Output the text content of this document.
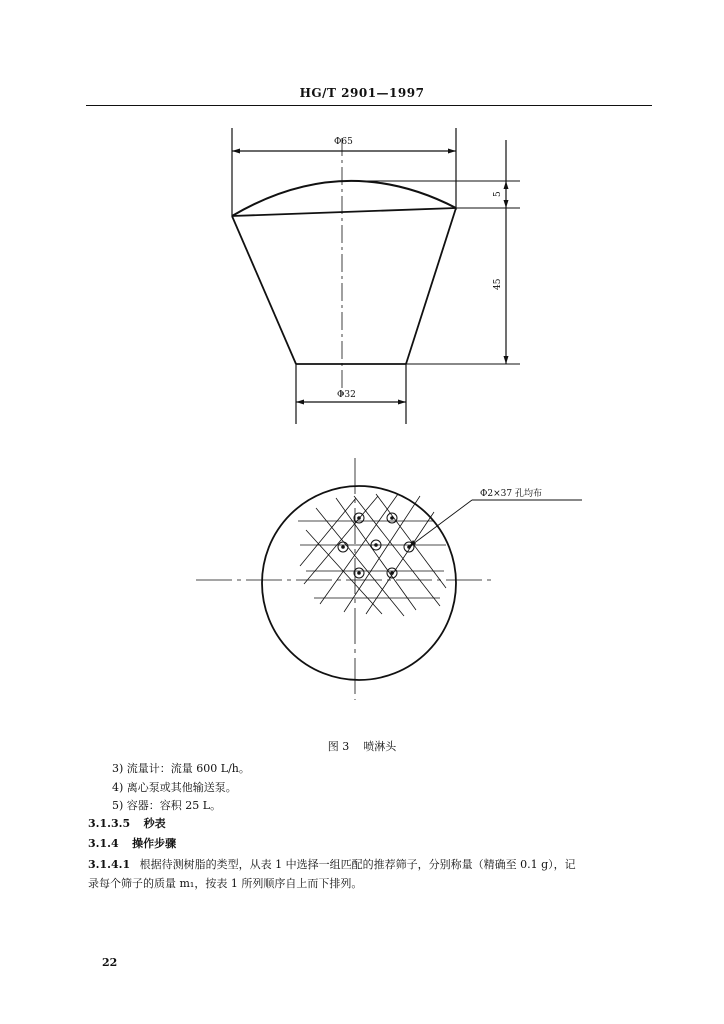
HG/T 2901—1997
Φ65
Φ32
5
45
Φ2×37 孔均布
图 3 喷淋头
3) 流量计：流量 600 L/h。
4) 离心泵或其他输送泵。
5) 容器：容积 25 L。
3.1.3.5 秒表
3.1.4 操作步骤
3.1.4.1 根据待测树脂的类型，从表 1 中选择一组匹配的推荐筛子，分别称量（精确至 0.1 g），记
录每个筛子的质量 m₁，按表 1 所列顺序自上而下排列。
22
